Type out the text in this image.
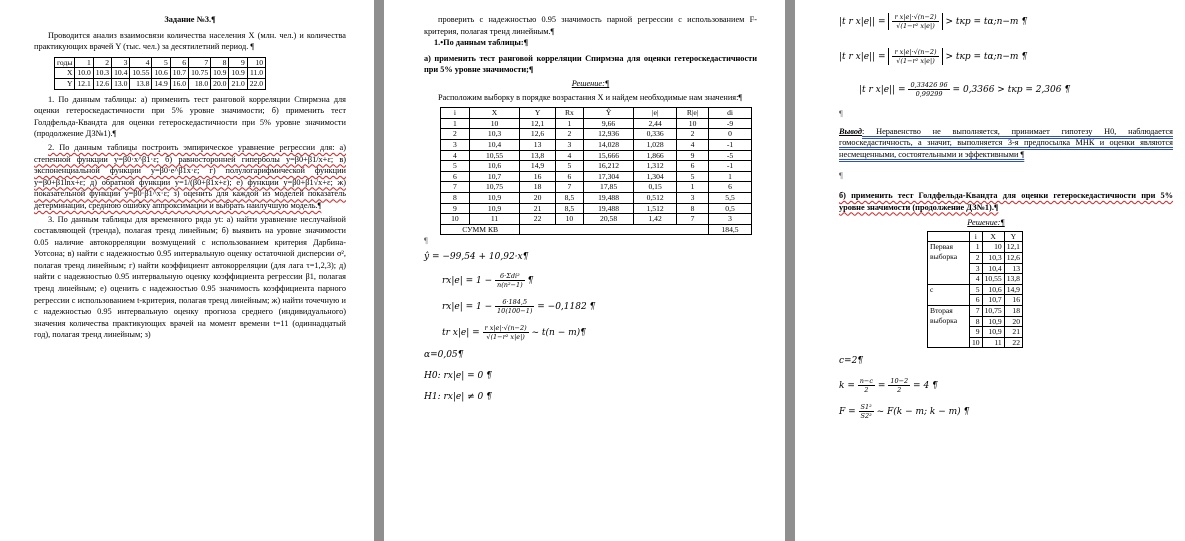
Задание №3.¶
Проводится анализ взаимосвязи количества населения X (млн. чел.) и количества практикующих врачей Y (тыс. чел.) за десятилетний период. ¶
годы	1	2	3	4	5	6	7	8	9	10
X	10.0	10.3	10.4	10.55	10.6	10.7	10.75	10.9	10.9	11.0
Y	12.1	12.6	13.0	13.8	14.9	16.0	18.0	20.0	21.0	22.0
1. По данным таблицы: а) применить тест ранговой корреляции Спирмэна для оценки гетероскедастичности при 5% уровне значимости; б) применить тест Голдфельда-Квандта для оценки гетероскедастичности при 5% уровне значимости (продолжение ДЗ№1).¶
2. По данным таблицы построить эмпирическое уравнение регрессии для: а) степенной функции y=β0·x^β1·ε; б) равносторонней гиперболы y=β0+β1/x+ε; в) экспоненциальной функции y=β0·e^β1x·ε; г) полулогарифмической функции y=β0+β1lnx+ε; д) обратной функции y=1/(β0+β1x+ε); е) функции y=β0+β1√x+ε; ж) показательной функции y=β0·β1^x·ε; з) оценить для каждой из моделей показатель детерминации, среднюю ошибку аппроксимации и выбрать наилучшую модель.¶
3. По данным таблицы для временного ряда yt: а) найти уравнение неслучайной составляющей (тренда), полагая тренд линейным; б) выявить на уровне значимости 0.05 наличие автокорреляции возмущений с использованием критерия Дарбина-Уотсона; в) найти с надежностью 0.95 интервальную оценку остаточной дисперсии σ², полагая тренд линейным; г) найти коэффициент автокорреляции (для лага τ=1,2,3); д) найти с надежностью 0.95 интервальную оценку коэффициента регрессии β1, полагая тренд линейным; е) оценить с надежностью 0.95 значимость коэффициента парного регрессии с использованием t-критерия, полагая тренд линейным; ж) найти точечную и с надежностью 0.95 интервальную оценку прогноза среднего (индивидуального) значения количества практикующих врачей на момент времени t=11 (одиннадцатый год), полагая тренд линейным; з)
проверить с надежностью 0.95 значимость парной регрессии с использованием F-критерия, полагая тренд линейным.¶
1.•По данным таблицы:¶
а) применить тест ранговой корреляции Спирмэна для оценки гетероскедастичности при 5% уровне значимости;¶
Решение:¶
Расположим выборку в порядке возрастания X и найдем необходимые нам значения:¶
i	X	Y	Rx	Ŷ	|e|	R|e|	di
1	10	12,1	1	9,66	2,44	10	-9
2	10,3	12,6	2	12,936	0,336	2	0
3	10,4	13	3	14,028	1,028	4	-1
4	10,55	13,8	4	15,666	1,866	9	-5
5	10,6	14,9	5	16,212	1,312	6	-1
6	10,7	16	6	17,304	1,304	5	1
7	10,75	18	7	17,85	0,15	1	6
8	10,9	20	8,5	19,488	0,512	3	5,5
9	10,9	21	8,5	19,488	1,512	8	0,5
10	11	22	10	20,58	1,42	7	3
СУММ КВ							184,5
¶
ŷ = −99,54 + 10,92·x¶
$rx|e| = 1 - \frac{\text{6·Σdi²}}{\text{n(n²−1)}}$ ¶
$rx|e| = 1 - \frac{6\cdot 184,5}{10(100-1)} = -0,1182$ ¶
tr $x|e| = \frac{\text{r x|e|·√(n−2)}}{\text{√(1−r² x|e|)}}$ ~ t(n − m)¶
α=0,05¶
H0: rx|e| = 0 ¶
H1: rx|e| ≠ 0 ¶
|t r $x|e|| = \frac{\text{r x|e|·√(n−2)}}{\text{√(1−r² x|e|)}}$ > tкр = tα;n−m ¶
|t r $x|e|| = \frac{\text{r x|e|·√(n−2)}}{\text{√(1−r² x|e|)}}$ > tкр = tα;n−m ¶
|t r $x|e|| = \frac{0,33426 96}{0,99299} = 0,3366$ > tкр = 2,306 ¶
¶
Вывод: Неравенство не выполняется, принимает гипотезу H0, наблюдается гомоскедастичность, а значит, выполняется 3-я предпосылка МНК и оценки являются несмещенными, состоятельными и эффективными ¶
¶
б) применить тест Голдфельда-Квандта для оценки гетероскедастичности при 5% уровне значимости (продолжение ДЗ№1).¶
Решение:¶
	i	X	Y
Первая выборка	1	10	12,1
	2	10,3	12,6
	3	10,4	13
	4	10,55	13,8
c	5	10,6	14,9
	6	10,7	16
Вторая выборка	7	10,75	18
	8	10,9	20
	9	10,9	21
	10	11	22
c=2¶
$k = \frac{n-c}{2} = \frac{10-2}{2} = 4$ ¶
$F = \frac{\text{S1²}}{\text{S2²}}$ ~ F(k − m; k − m) ¶
